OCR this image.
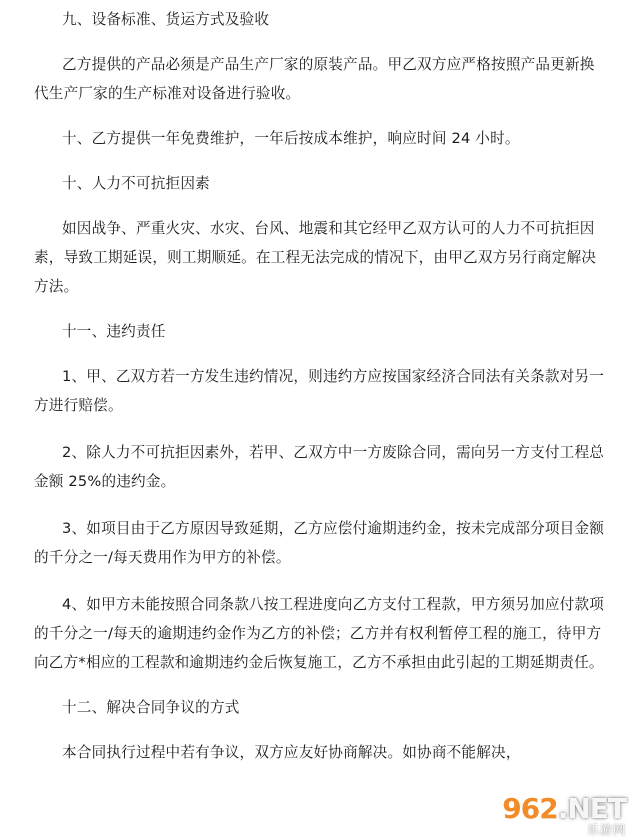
九、设备标准、货运方式及验收

乙方提供的产品必须是产品生产厂家的原装产品。甲乙双方应严格按照产品更新换代生产厂家的生产标准对设备进行验收。

十、乙方提供一年免费维护，一年后按成本维护，响应时间 24 小时。

十、人力不可抗拒因素

如因战争、严重火灾、水灾、台风、地震和其它经甲乙双方认可的人力不可抗拒因素，导致工期延误，则工期顺延。在工程无法完成的情况下，由甲乙双方另行商定解决方法。

十一、违约责任

1、甲、乙双方若一方发生违约情况，则违约方应按国家经济合同法有关条款对另一方进行赔偿。

2、除人力不可抗拒因素外，若甲、乙双方中一方废除合同，需向另一方支付工程总金额 25%的违约金。

3、如项目由于乙方原因导致延期，乙方应偿付逾期违约金，按未完成部分项目金额的千分之一/每天费用作为甲方的补偿。

4、如甲方未能按照合同条款八按工程进度向乙方支付工程款，甲方须另加应付款项的千分之一/每天的逾期违约金作为乙方的补偿；乙方并有权利暂停工程的施工，待甲方向乙方*相应的工程款和逾期违约金后恢复施工，乙方不承担由此引起的工期延期责任。

十二、解决合同争议的方式

本合同执行过程中若有争议，双方应友好协商解决。如协商不能解决，

962.NET
乐游网
